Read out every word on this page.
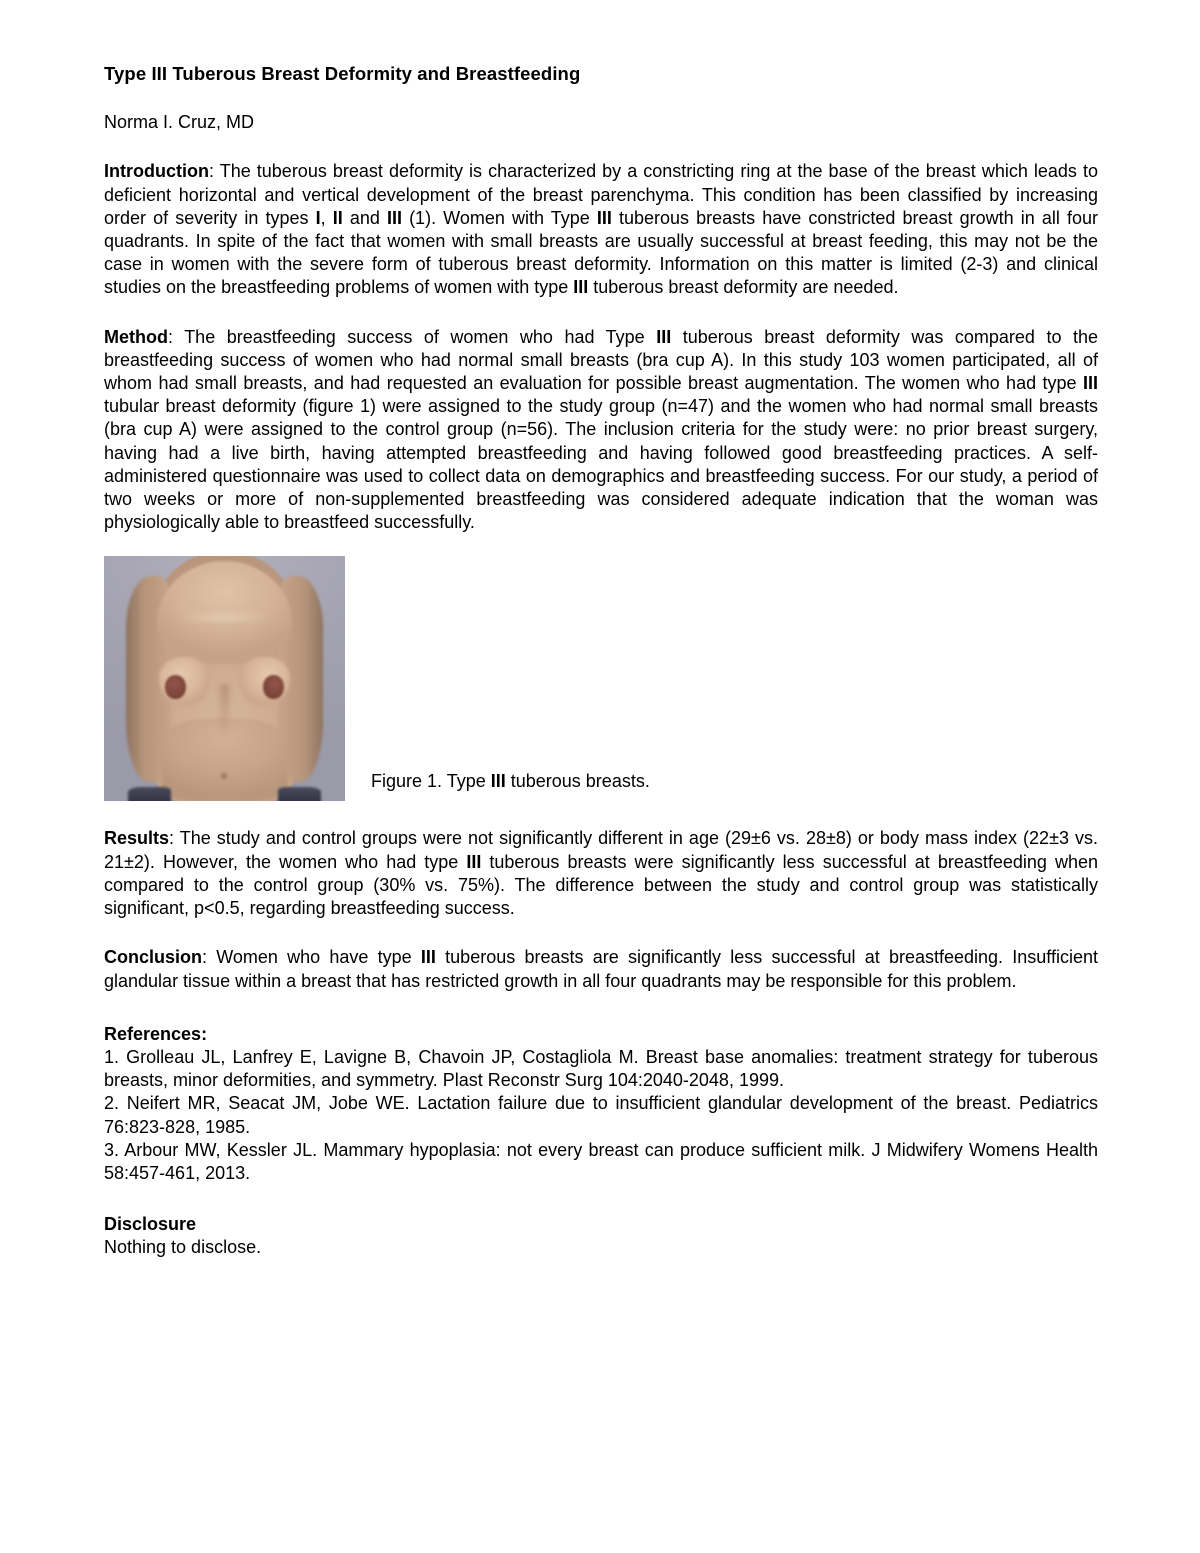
Type III Tuberous Breast Deformity and Breastfeeding
Norma I. Cruz, MD

Introduction: The tuberous breast deformity is characterized by a constricting ring at the base of the breast which leads to deficient horizontal and vertical development of the breast parenchyma. This condition has been classified by increasing order of severity in types I, II and III (1). Women with Type III tuberous breasts have constricted breast growth in all four quadrants. In spite of the fact that women with small breasts are usually successful at breast feeding, this may not be the case in women with the severe form of tuberous breast deformity. Information on this matter is limited (2-3) and clinical studies on the breastfeeding problems of women with type III tuberous breast deformity are needed.

Method: The breastfeeding success of women who had Type III tuberous breast deformity was compared to the breastfeeding success of women who had normal small breasts (bra cup A). In this study 103 women participated, all of whom had small breasts, and had requested an evaluation for possible breast augmentation. The women who had type III tubular breast deformity (figure 1) were assigned to the study group (n=47) and the women who had normal small breasts (bra cup A) were assigned to the control group (n=56). The inclusion criteria for the study were: no prior breast surgery, having had a live birth, having attempted breastfeeding and having followed good breastfeeding practices. A self-administered questionnaire was used to collect data on demographics and breastfeeding success. For our study, a period of two weeks or more of non-supplemented breastfeeding was considered adequate indication that the woman was physiologically able to breastfeed successfully.

Figure 1. Type III tuberous breasts.

Results: The study and control groups were not significantly different in age (29±6 vs. 28±8) or body mass index (22±3 vs. 21±2). However, the women who had type III tuberous breasts were significantly less successful at breastfeeding when compared to the control group (30% vs. 75%). The difference between the study and control group was statistically significant, p<0.5, regarding breastfeeding success.

Conclusion: Women who have type III tuberous breasts are significantly less successful at breastfeeding. Insufficient glandular tissue within a breast that has restricted growth in all four quadrants may be responsible for this problem.

References:

1. Grolleau JL, Lanfrey E, Lavigne B, Chavoin JP, Costagliola M. Breast base anomalies: treatment strategy for tuberous breasts, minor deformities, and symmetry. Plast Reconstr Surg 104:2040-2048, 1999.

2. Neifert MR, Seacat JM, Jobe WE. Lactation failure due to insufficient glandular development of the breast. Pediatrics 76:823-828, 1985.

3. Arbour MW, Kessler JL. Mammary hypoplasia: not every breast can produce sufficient milk. J Midwifery Womens Health 58:457-461, 2013.

Disclosure
Nothing to disclose.
